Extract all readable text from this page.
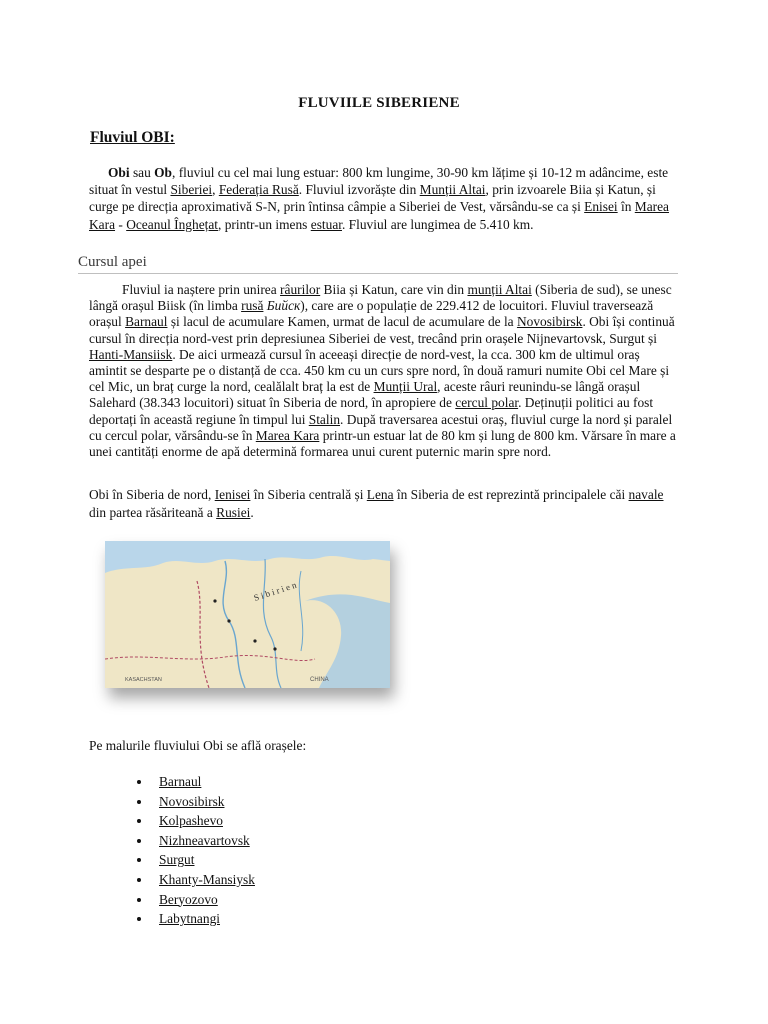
FLUVIILE SIBERIENE
Fluviul OBI:

Obi sau Ob, fluviul cu cel mai lung estuar: 800 km lungime, 30-90 km lățime și 10-12 m adâncime, este situat în vestul Siberiei, Federația Rusă. Fluviul izvorăște din Munții Altai, prin izvoarele Biia și Katun, și curge pe direcția aproximativă S-N, prin întinsa câmpie a Siberiei de Vest, vărsându-se ca și Enisei în Marea Kara - Oceanul Înghețat, printr-un imens estuar. Fluviul are lungimea de 5.410 km.

Cursul apei

Fluviul ia naștere prin unirea râurilor Biia și Katun, care vin din munții Altai (Siberia de sud), se unesc lângă orașul Biisk (în limba rusă Бийск), care are o populație de 229.412 de locuitori. Fluviul traversează orașul Barnaul și lacul de acumulare Kamen, urmat de lacul de acumulare de la Novosibirsk. Obi își continuă cursul în direcția nord-vest prin depresiunea Siberiei de vest, trecând prin orașele Nijnevartovsk, Surgut și Hanti-Mansiisk. De aici urmează cursul în aceeași direcție de nord-vest, la cca. 300 km de ultimul oraș amintit se desparte pe o distanță de cca. 450 km cu un curs spre nord, în două ramuri numite Obi cel Mare și cel Mic, un braț curge la nord, cealălalt braț la est de Munții Ural, aceste râuri reunindu-se lângă orașul Salehard (38.343 locuitori) situat în Siberia de nord, în apropiere de cercul polar. Deținuții politici au fost deportați în această regiune în timpul lui Stalin. După traversarea acestui oraș, fluviul curge la nord și paralel cu cercul polar, vărsându-se în Marea Kara printr-un estuar lat de 80 km și lung de 800 km. Vărsare în mare a unei cantități enorme de apă determină formarea unui curent puternic marin spre nord.

Obi în Siberia de nord, Ienisei în Siberia centrală și Lena în Siberia de est reprezintă principalele căi navale din partea răsăriteană a Rusiei.

S i b i r i e n
CHINA
KASACHSTAN

Pe malurile fluviului Obi se află orașele:

Barnaul
Novosibirsk
Kolpashevo
Nizhneavartovsk
Surgut
Khanty-Mansiysk
Beryozovo
Labytnangi
